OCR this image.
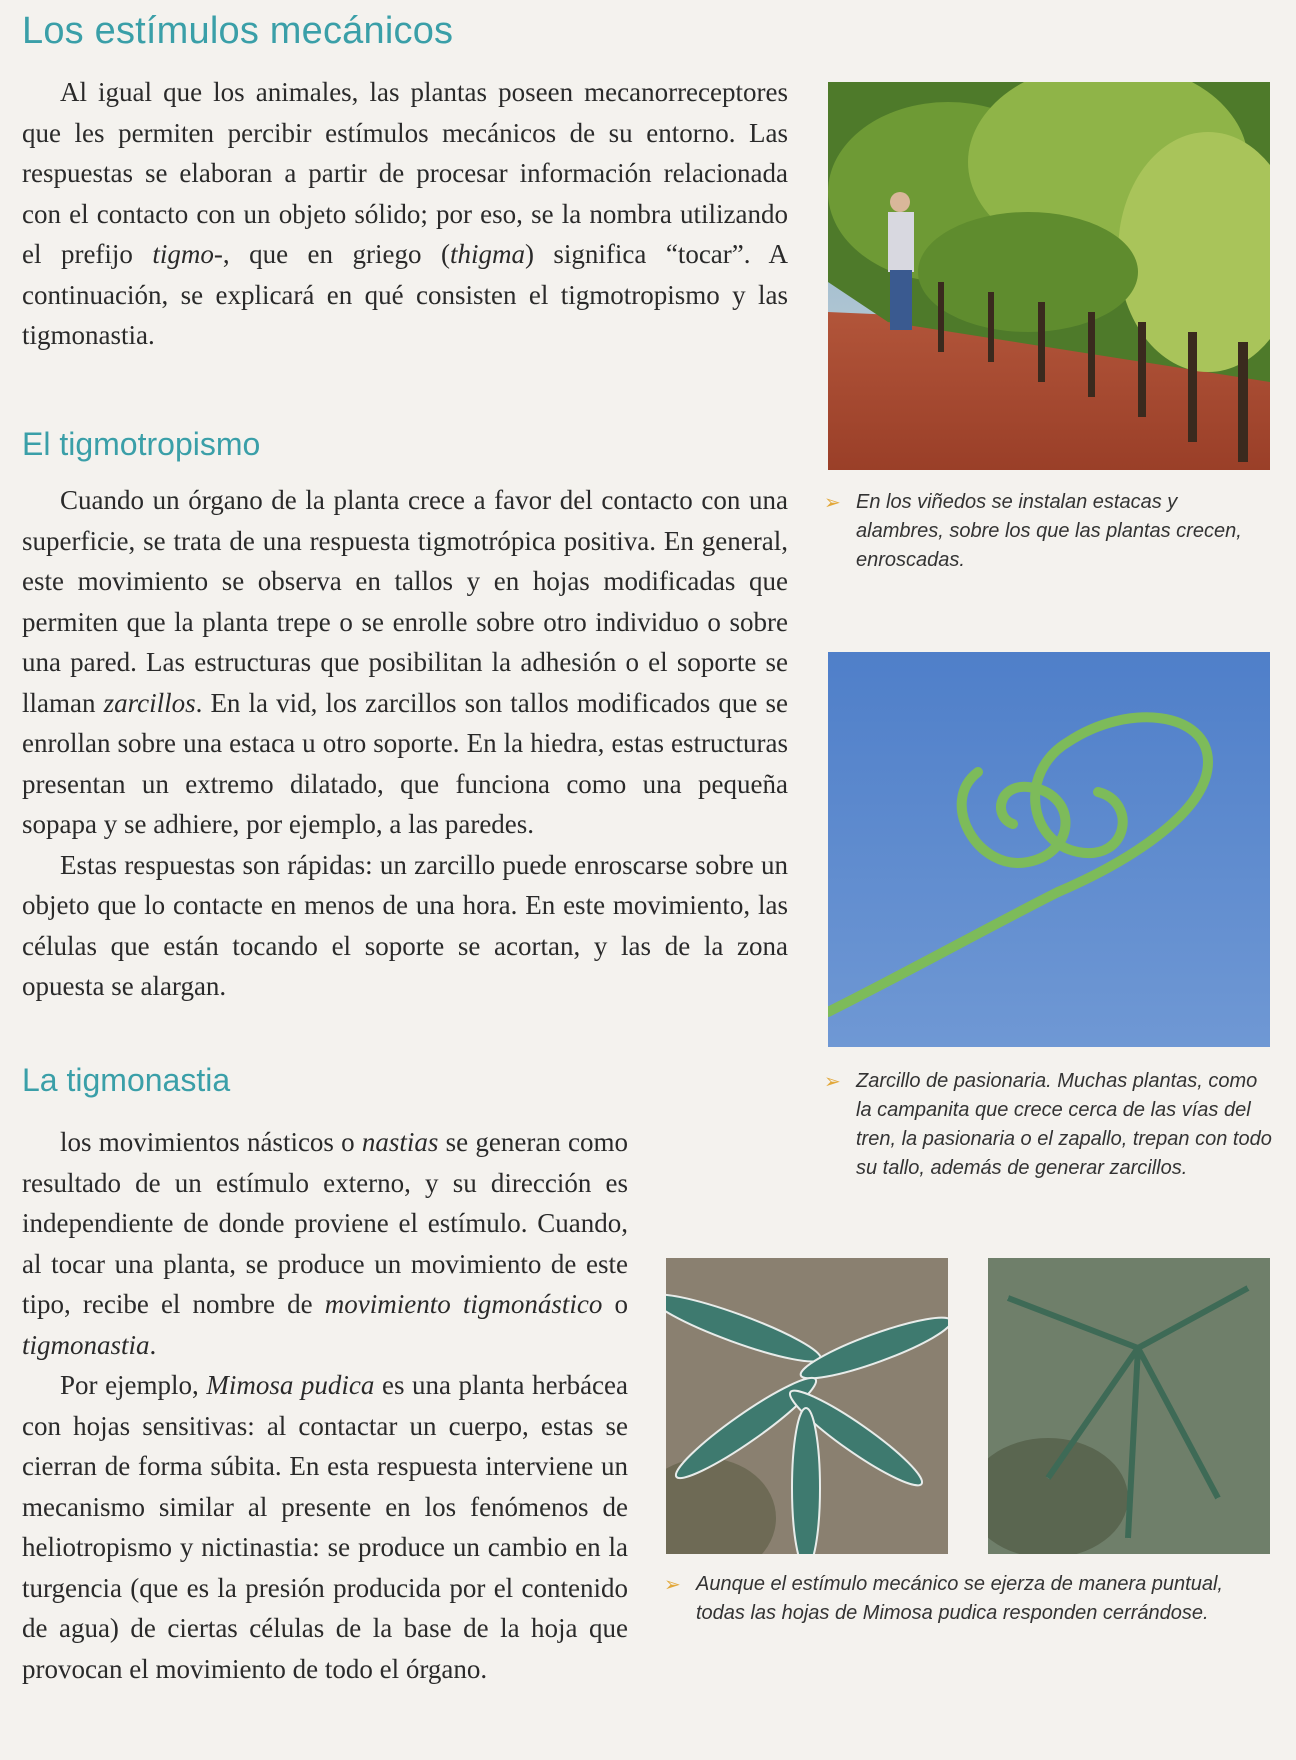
Los estímulos mecánicos

Al igual que los animales, las plantas poseen mecanorreceptores que les permiten percibir estímulos mecánicos de su entorno. Las respuestas se elaboran a partir de procesar información relacionada con el contacto con un objeto sólido; por eso, se la nombra utilizando el prefijo tigmo-, que en griego (thigma) significa “tocar”. A continuación, se explicará en qué consisten el tigmotropismo y las tigmonastia.

El tigmotropismo

Cuando un órgano de la planta crece a favor del contacto con una superficie, se trata de una respuesta tigmotrópica positiva. En general, este movimiento se observa en tallos y en hojas modificadas que permiten que la planta trepe o se enrolle sobre otro individuo o sobre una pared. Las estructuras que posibilitan la adhesión o el soporte se llaman zarcillos. En la vid, los zarcillos son tallos modificados que se enrollan sobre una estaca u otro soporte. En la hiedra, estas estructuras presentan un extremo dilatado, que funciona como una pequeña sopapa y se adhiere, por ejemplo, a las paredes.

Estas respuestas son rápidas: un zarcillo puede enroscarse sobre un objeto que lo contacte en menos de una hora. En este movimiento, las células que están tocando el soporte se acortan, y las de la zona opuesta se alargan.

La tigmonastia

los movimientos násticos o nastias se generan como resultado de un estímulo externo, y su dirección es independiente de donde proviene el estímulo. Cuando, al tocar una planta, se produce un movimiento de este tipo, recibe el nombre de movimiento tigmonástico o tigmonastia.

Por ejemplo, Mimosa pudica es una planta herbácea con hojas sensitivas: al contactar un cuerpo, estas se cierran de forma súbita. En esta respuesta interviene un mecanismo similar al presente en los fenómenos de heliotropismo y nictinastia: se produce un cambio en la turgencia (que es la presión producida por el contenido de agua) de ciertas células de la base de la hoja que provocan el movimiento de todo el órgano.

➢ En los viñedos se instalan estacas y alambres, sobre los que las plantas crecen, enroscadas.
➢ Zarcillo de pasionaria. Muchas plantas, como la campanita que crece cerca de las vías del tren, la pasionaria o el zapallo, trepan con todo su tallo, además de generar zarcillos.
➢ Aunque el estímulo mecánico se ejerza de manera puntual, todas las hojas de Mimosa pudica responden cerrándose.
